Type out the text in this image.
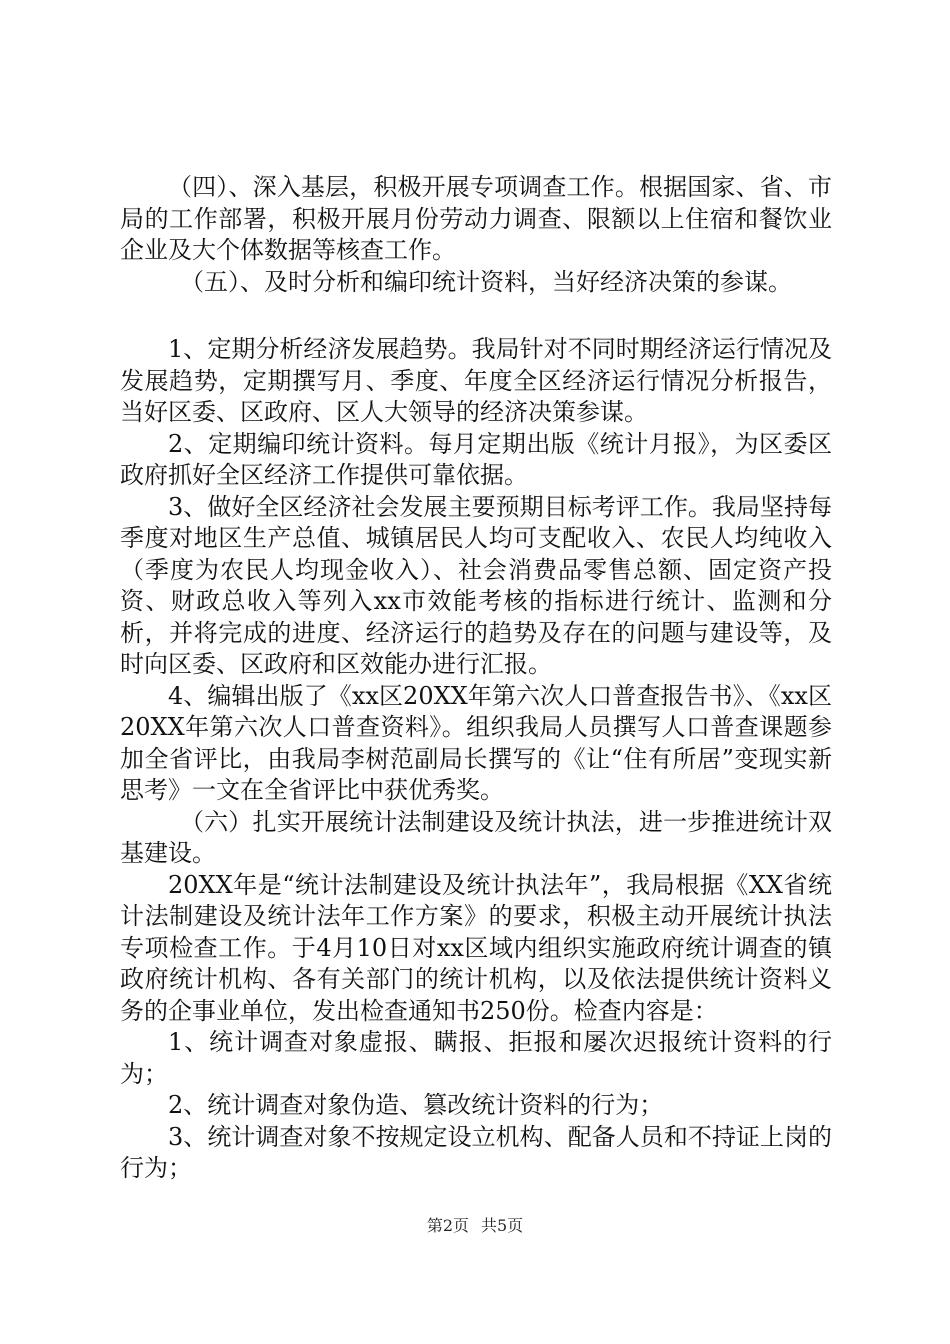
（四）、深入基层，积极开展专项调查工作。根据国家、省、市局的工作部署，积极开展月份劳动力调查、限额以上住宿和餐饮业企业及大个体数据等核查工作。

（五）、及时分析和编印统计资料，当好经济决策的参谋。

1、定期分析经济发展趋势。我局针对不同时期经济运行情况及发展趋势，定期撰写月、季度、年度全区经济运行情况分析报告，当好区委、区政府、区人大领导的经济决策参谋。

2、定期编印统计资料。每月定期出版《统计月报》，为区委区政府抓好全区经济工作提供可靠依据。

3、做好全区经济社会发展主要预期目标考评工作。我局坚持每季度对地区生产总值、城镇居民人均可支配收入、农民人均纯收入（季度为农民人均现金收入）、社会消费品零售总额、固定资产投资、财政总收入等列入xx市效能考核的指标进行统计、监测和分析，并将完成的进度、经济运行的趋势及存在的问题与建设等，及时向区委、区政府和区效能办进行汇报。

4、编辑出版了《xx区20XX年第六次人口普查报告书》、《xx区20XX年第六次人口普查资料》。组织我局人员撰写人口普查课题参加全省评比，由我局李树范副局长撰写的《让“住有所居”变现实新思考》一文在全省评比中获优秀奖。

（六）扎实开展统计法制建设及统计执法，进一步推进统计双基建设。

20XX年是“统计法制建设及统计执法年”，我局根据《XX省统计法制建设及统计法年工作方案》的要求，积极主动开展统计执法专项检查工作。于4月10日对xx区域内组织实施政府统计调查的镇政府统计机构、各有关部门的统计机构，以及依法提供统计资料义务的企事业单位，发出检查通知书250份。检查内容是：

1、统计调查对象虚报、瞒报、拒报和屡次迟报统计资料的行为；

2、统计调查对象伪造、篡改统计资料的行为；

3、统计调查对象不按规定设立机构、配备人员和不持证上岗的行为；

第2页 共5页
